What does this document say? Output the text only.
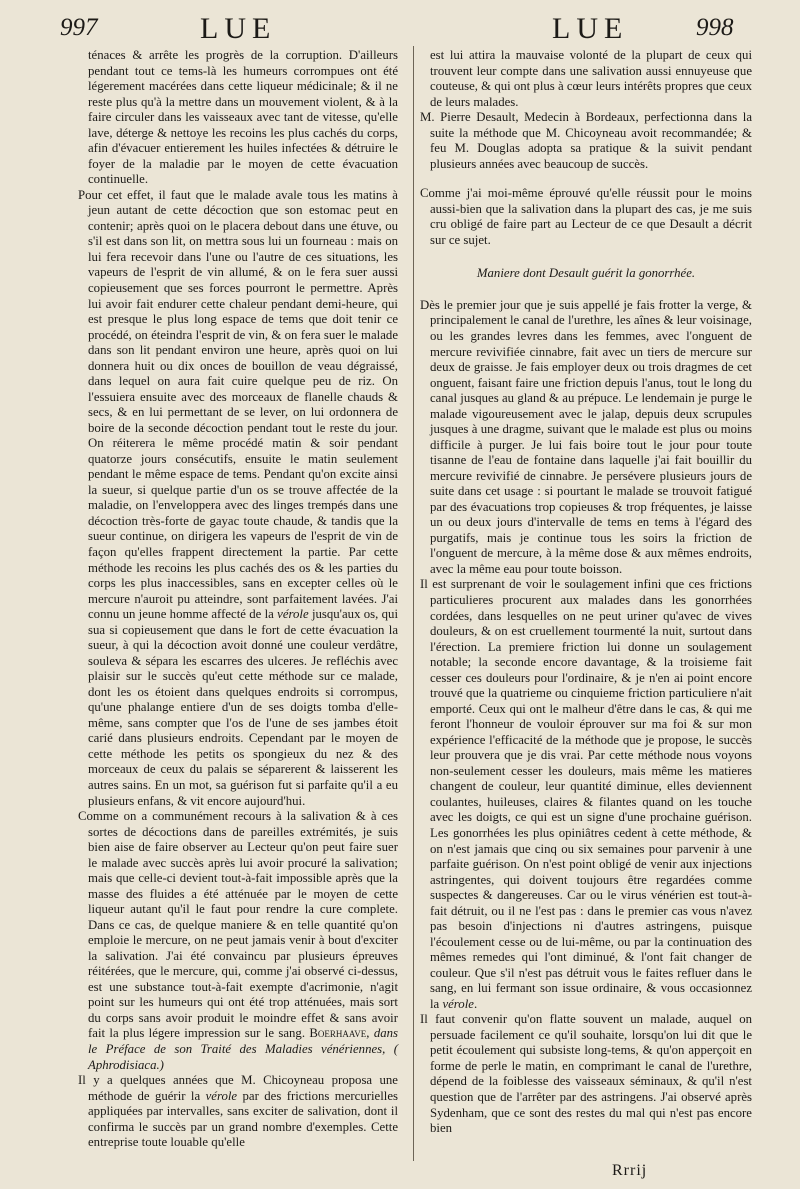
997	LUE	LUE	998

ténaces & arrête les progrès de la corruption. D'ailleurs pendant tout ce tems-là les humeurs corrompues ont été légerement macérées dans cette liqueur médicinale; & il ne reste plus qu'à la mettre dans un mouvement violent, & à la faire circuler dans les vaisseaux avec tant de vitesse, qu'elle lave, déterge & nettoye les recoins les plus cachés du corps, afin d'évacuer entierement les huiles infectées & détruire le foyer de la maladie par le moyen de cette évacuation continuelle.

Pour cet effet, il faut que le malade avale tous les matins à jeun autant de cette décoction que son estomac peut en contenir; après quoi on le placera debout dans une étuve, ou s'il est dans son lit, on mettra sous lui un fourneau : mais on lui fera recevoir dans l'une ou l'autre de ces situations, les vapeurs de l'esprit de vin allumé, & on le fera suer aussi copieusement que ses forces pourront le permettre. Après lui avoir fait endurer cette chaleur pendant demi-heure, qui est presque le plus long espace de tems que doit tenir ce procédé, on éteindra l'esprit de vin, & on fera suer le malade dans son lit pendant environ une heure, après quoi on lui donnera huit ou dix onces de bouillon de veau dégraissé, dans lequel on aura fait cuire quelque peu de riz. On l'essuiera ensuite avec des morceaux de flanelle chauds & secs, & en lui permettant de se lever, on lui ordonnera de boire de la seconde décoction pendant tout le reste du jour. On réiterera le même procédé matin & soir pendant quatorze jours consécutifs, ensuite le matin seulement pendant le même espace de tems. Pendant qu'on excite ainsi la sueur, si quelque partie d'un os se trouve affectée de la maladie, on l'enveloppera avec des linges trempés dans une décoction très-forte de gayac toute chaude, & tandis que la sueur continue, on dirigera les vapeurs de l'esprit de vin de façon qu'elles frappent directement la partie. Par cette méthode les recoins les plus cachés des os & les parties du corps les plus inaccessibles, sans en excepter celles où le mercure n'auroit pu atteindre, sont parfaitement lavées. J'ai connu un jeune homme affecté de la vérole jusqu'aux os, qui sua si copieusement que dans le fort de cette évacuation la sueur, à qui la décoction avoit donné une couleur verdâtre, souleva & sépara les escarres des ulceres. Je refléchis avec plaisir sur le succès qu'eut cette méthode sur ce malade, dont les os étoient dans quelques endroits si corrompus, qu'une phalange entiere d'un de ses doigts tomba d'elle-même, sans compter que l'os de l'une de ses jambes étoit carié dans plusieurs endroits. Cependant par le moyen de cette méthode les petits os spongieux du nez & des morceaux de ceux du palais se séparerent & laisserent les autres sains. En un mot, sa guérison fut si parfaite qu'il a eu plusieurs enfans, & vit encore aujourd'hui.

Comme on a communément recours à la salivation & à ces sortes de décoctions dans de pareilles extrémités, je suis bien aise de faire observer au Lecteur qu'on peut faire suer le malade avec succès après lui avoir procuré la salivation; mais que celle-ci devient tout-à-fait impossible après que la masse des fluides a été atténuée par le moyen de cette liqueur autant qu'il le faut pour rendre la cure complete. Dans ce cas, de quelque maniere & en telle quantité qu'on emploie le mercure, on ne peut jamais venir à bout d'exciter la salivation. J'ai été convaincu par plusieurs épreuves réitérées, que le mercure, qui, comme j'ai observé ci-dessus, est une substance tout-à-fait exempte d'acrimonie, n'agit point sur les humeurs qui ont été trop atténuées, mais sort du corps sans avoir produit le moindre effet & sans avoir fait la plus légere impression sur le sang. Boerhaave, dans le Préface de son Traité des Maladies vénériennes, ( Aphrodisiaca.)

Il y a quelques années que M. Chicoyneau proposa une méthode de guérir la vérole par des frictions mercurielles appliquées par intervalles, sans exciter de salivation, dont il confirma le succès par un grand nombre d'exemples. Cette entreprise toute louable qu'elle

est lui attira la mauvaise volonté de la plupart de ceux qui trouvent leur compte dans une salivation aussi ennuyeuse que couteuse, & qui ont plus à cœur leurs intérêts propres que ceux de leurs malades.

M. Pierre Desault, Medecin à Bordeaux, perfectionna dans la suite la méthode que M. Chicoyneau avoit recommandée; & feu M. Douglas adopta sa pratique & la suivit pendant plusieurs années avec beaucoup de succès.

Comme j'ai moi-même éprouvé qu'elle réussit pour le moins aussi-bien que la salivation dans la plupart des cas, je me suis cru obligé de faire part au Lecteur de ce que Desault a décrit sur ce sujet.

Maniere dont Desault guérit la gonorrhée.

Dès le premier jour que je suis appellé je fais frotter la verge, & principalement le canal de l'urethre, les aînes & leur voisinage, ou les grandes levres dans les femmes, avec l'onguent de mercure revivifiée cinnabre, fait avec un tiers de mercure sur deux de graisse. Je fais employer deux ou trois dragmes de cet onguent, faisant faire une friction depuis l'anus, tout le long du canal jusques au gland & au prépuce. Le lendemain je purge le malade vigoureusement avec le jalap, depuis deux scrupules jusques à une dragme, suivant que le malade est plus ou moins difficile à purger. Je lui fais boire tout le jour pour toute tisanne de l'eau de fontaine dans laquelle j'ai fait bouillir du mercure revivifié de cinnabre. Je persévere plusieurs jours de suite dans cet usage : si pourtant le malade se trouvoit fatigué par des évacuations trop copieuses & trop fréquentes, je laisse un ou deux jours d'intervalle de tems en tems à l'égard des purgatifs, mais je continue tous les soirs la friction de l'onguent de mercure, à la même dose & aux mêmes endroits, avec la même eau pour toute boisson.

Il est surprenant de voir le soulagement infini que ces frictions particulieres procurent aux malades dans les gonorrhées cordées, dans lesquelles on ne peut uriner qu'avec de vives douleurs, & on est cruellement tourmenté la nuit, surtout dans l'érection. La premiere friction lui donne un soulagement notable; la seconde encore davantage, & la troisieme fait cesser ces douleurs pour l'ordinaire, & je n'en ai point encore trouvé que la quatrieme ou cinquieme friction particuliere n'ait emporté. Ceux qui ont le malheur d'être dans le cas, & qui me feront l'honneur de vouloir éprouver sur ma foi & sur mon expérience l'efficacité de la méthode que je propose, le succès leur prouvera que je dis vrai. Par cette méthode nous voyons non-seulement cesser les douleurs, mais même les matieres changent de couleur, leur quantité diminue, elles deviennent coulantes, huileuses, claires & filantes quand on les touche avec les doigts, ce qui est un signe d'une prochaine guérison. Les gonorrhées les plus opiniâtres cedent à cette méthode, & on n'est jamais que cinq ou six semaines pour parvenir à une parfaite guérison. On n'est point obligé de venir aux injections astringentes, qui doivent toujours être regardées comme suspectes & dangereuses. Car ou le virus vénérien est tout-à-fait détruit, ou il ne l'est pas : dans le premier cas vous n'avez pas besoin d'injections ni d'autres astringens, puisque l'écoulement cesse ou de lui-même, ou par la continuation des mêmes remedes qui l'ont diminué, & l'ont fait changer de couleur. Que s'il n'est pas détruit vous le faites refluer dans le sang, en lui fermant son issue ordinaire, & vous occasionnez la vérole.

Il faut convenir qu'on flatte souvent un malade, auquel on persuade facilement ce qu'il souhaite, lorsqu'on lui dit que le petit écoulement qui subsiste long-tems, & qu'on apperçoit en forme de perle le matin, en comprimant le canal de l'urethre, dépend de la foiblesse des vaisseaux séminaux, & qu'il n'est question que de l'arrêter par des astringens. J'ai observé après Sydenham, que ce sont des restes du mal qui n'est pas encore bien

Rrrij
